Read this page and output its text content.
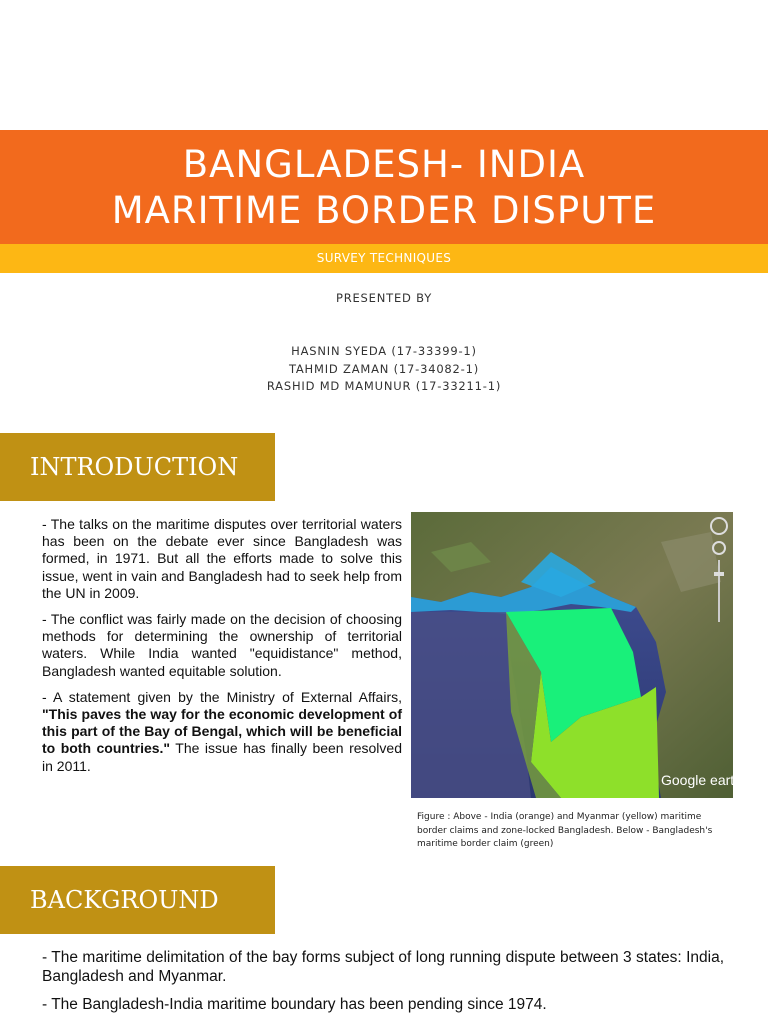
BANGLADESH- INDIA
MARITIME BORDER DISPUTE
SURVEY TECHNIQUES
PRESENTED BY
HASNIN SYEDA (17-33399-1)
TAHMID ZAMAN (17-34082-1)
RASHID MD MAMUNUR (17-33211-1)
INTRODUCTION

- The talks on the maritime disputes over territorial waters has been on the debate ever since Bangladesh was formed, in 1971. But all the efforts made to solve this issue, went in vain and Bangladesh had to seek help from the UN in 2009.

- The conflict was fairly made on the decision of choosing methods for determining the ownership of territorial waters. While India wanted "equidistance" method, Bangladesh wanted equitable solution.

- A statement given by the Ministry of External Affairs, "This paves the way for the economic development of this part of the Bay of Bengal, which will be beneficial to both countries." The issue has finally been resolved in 2011.

Google earth
Figure : Above - India (orange) and Myanmar (yellow) maritime border claims and zone-locked Bangladesh. Below - Bangladesh's maritime border claim (green)
BACKGROUND

- The maritime delimitation of the bay forms subject of long running dispute between 3 states: India, Bangladesh and Myanmar.

- The Bangladesh-India maritime boundary has been pending since 1974.
